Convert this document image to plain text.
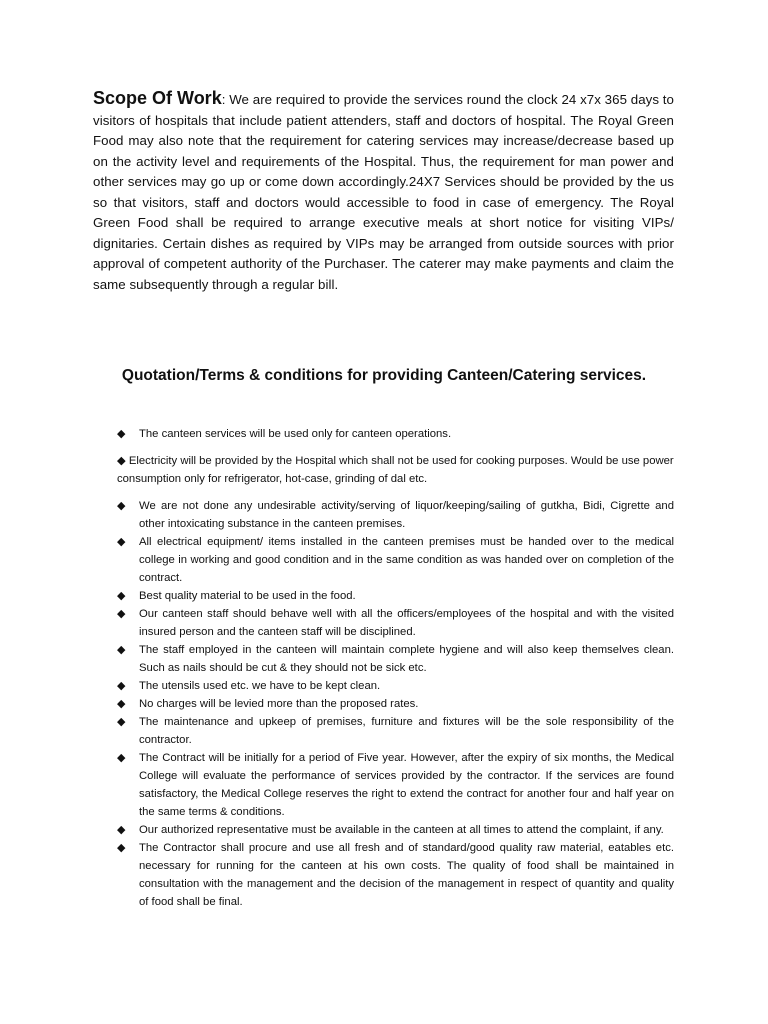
Scope Of Work: We are required to provide the services round the clock 24 x7x 365 days to visitors of hospitals that include patient attenders, staff and doctors of hospital. The Royal Green Food may also note that the requirement for catering services may increase/decrease based up on the activity level and requirements of the Hospital. Thus, the requirement for man power and other services may go up or come down accordingly.24X7 Services should be provided by the us so that visitors, staff and doctors would accessible to food in case of emergency. The Royal Green Food shall be required to arrange executive meals at short notice for visiting VIPs/ dignitaries. Certain dishes as required by VIPs may be arranged from outside sources with prior approval of competent authority of the Purchaser. The caterer may make payments and claim the same subsequently through a regular bill.
Quotation/Terms & conditions for providing Canteen/Catering services.
◆	The canteen services will be used only for canteen operations.
◆ Electricity will be provided by the Hospital which shall not be used for cooking purposes. Would be use power consumption only for refrigerator, hot-case, grinding of dal etc.
◆	We are not done any undesirable activity/serving of liquor/keeping/sailing of gutkha, Bidi, Cigrette and other intoxicating substance in the canteen premises.
◆	All electrical equipment/ items installed in the canteen premises must be handed over to the medical college in working and good condition and in the same condition as was handed over on completion of the contract.
◆	Best quality material to be used in the food.
◆	Our canteen staff should behave well with all the officers/employees of the hospital and with the visited insured person and the canteen staff will be disciplined.
◆	The staff employed in the canteen will maintain complete hygiene and will also keep themselves clean. Such as nails should be cut & they should not be sick etc.
◆	The utensils used etc. we have to be kept clean.
◆	No charges will be levied more than the proposed rates.
◆	The maintenance and upkeep of premises, furniture and fixtures will be the sole responsibility of the contractor.
◆	The Contract will be initially for a period of Five year. However, after the expiry of six months, the Medical College will evaluate the performance of services provided by the contractor. If the services are found satisfactory, the Medical College reserves the right to extend the contract for another four and half year on the same terms & conditions.
◆	Our authorized representative must be available in the canteen at all times to attend the complaint, if any.
◆	The Contractor shall procure and use all fresh and of standard/good quality raw material, eatables etc. necessary for running for the canteen at his own costs. The quality of food shall be maintained in consultation with the management and the decision of the management in respect of quantity and quality of food shall be final.
